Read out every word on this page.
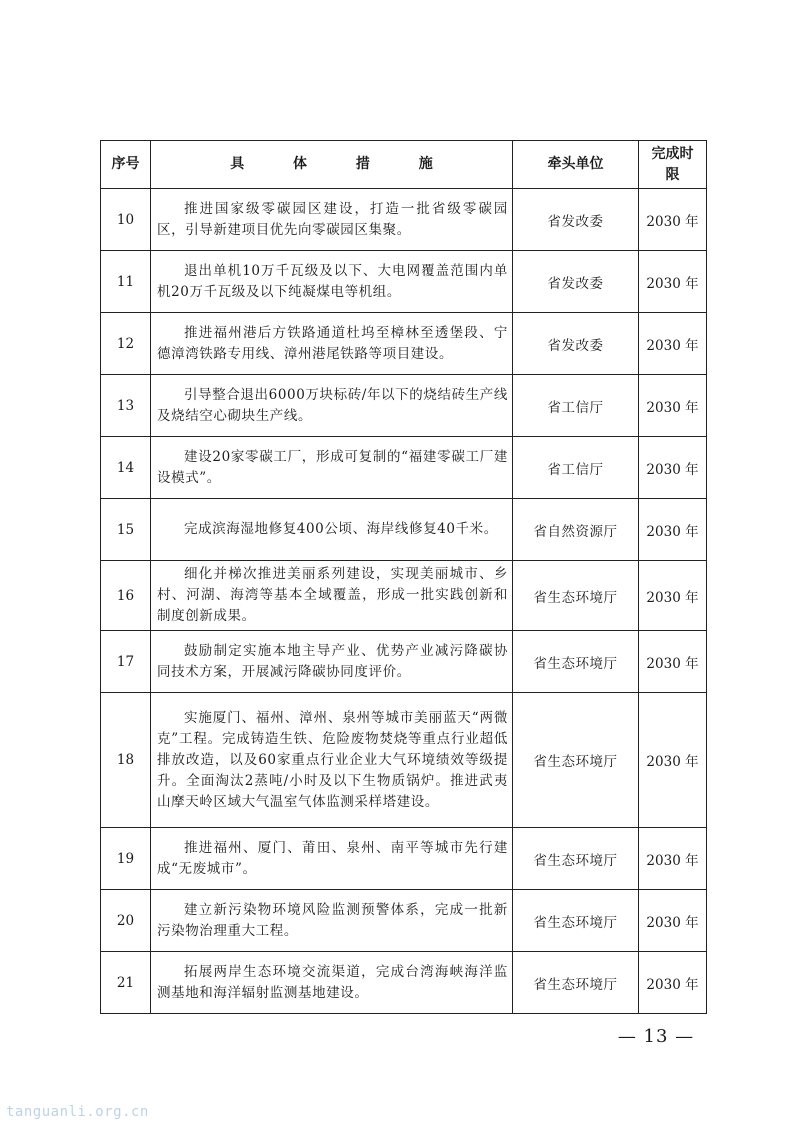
序号	具 体 措 施	牵头单位	完成时限
10	推进国家级零碳园区建设，打造一批省级零碳园区，引导新建项目优先向零碳园区集聚。	省发改委	2030 年
11	退出单机10万千瓦级及以下、大电网覆盖范围内单机20万千瓦级及以下纯凝煤电等机组。	省发改委	2030 年
12	推进福州港后方铁路通道杜坞至樟林至透堡段、宁德漳湾铁路专用线、漳州港尾铁路等项目建设。	省发改委	2030 年
13	引导整合退出6000万块标砖/年以下的烧结砖生产线及烧结空心砌块生产线。	省工信厅	2030 年
14	建设20家零碳工厂，形成可复制的“福建零碳工厂建设模式”。	省工信厅	2030 年
15	完成滨海湿地修复400公顷、海岸线修复40千米。	省自然资源厅	2030 年
16	细化并梯次推进美丽系列建设，实现美丽城市、乡村、河湖、海湾等基本全域覆盖，形成一批实践创新和制度创新成果。	省生态环境厅	2030 年
17	鼓励制定实施本地主导产业、优势产业减污降碳协同技术方案，开展减污降碳协同度评价。	省生态环境厅	2030 年
18	实施厦门、福州、漳州、泉州等城市美丽蓝天“两微克”工程。完成铸造生铁、危险废物焚烧等重点行业超低排放改造，以及60家重点行业企业大气环境绩效等级提升。全面淘汰2蒸吨/小时及以下生物质锅炉。推进武夷山摩天岭区域大气温室气体监测采样塔建设。	省生态环境厅	2030 年
19	推进福州、厦门、莆田、泉州、南平等城市先行建成“无废城市”。	省生态环境厅	2030 年
20	建立新污染物环境风险监测预警体系，完成一批新污染物治理重大工程。	省生态环境厅	2030 年
21	拓展两岸生态环境交流渠道，完成台湾海峡海洋监测基地和海洋辐射监测基地建设。	省生态环境厅	2030 年
— 13 —
tanguanli.org.cn
